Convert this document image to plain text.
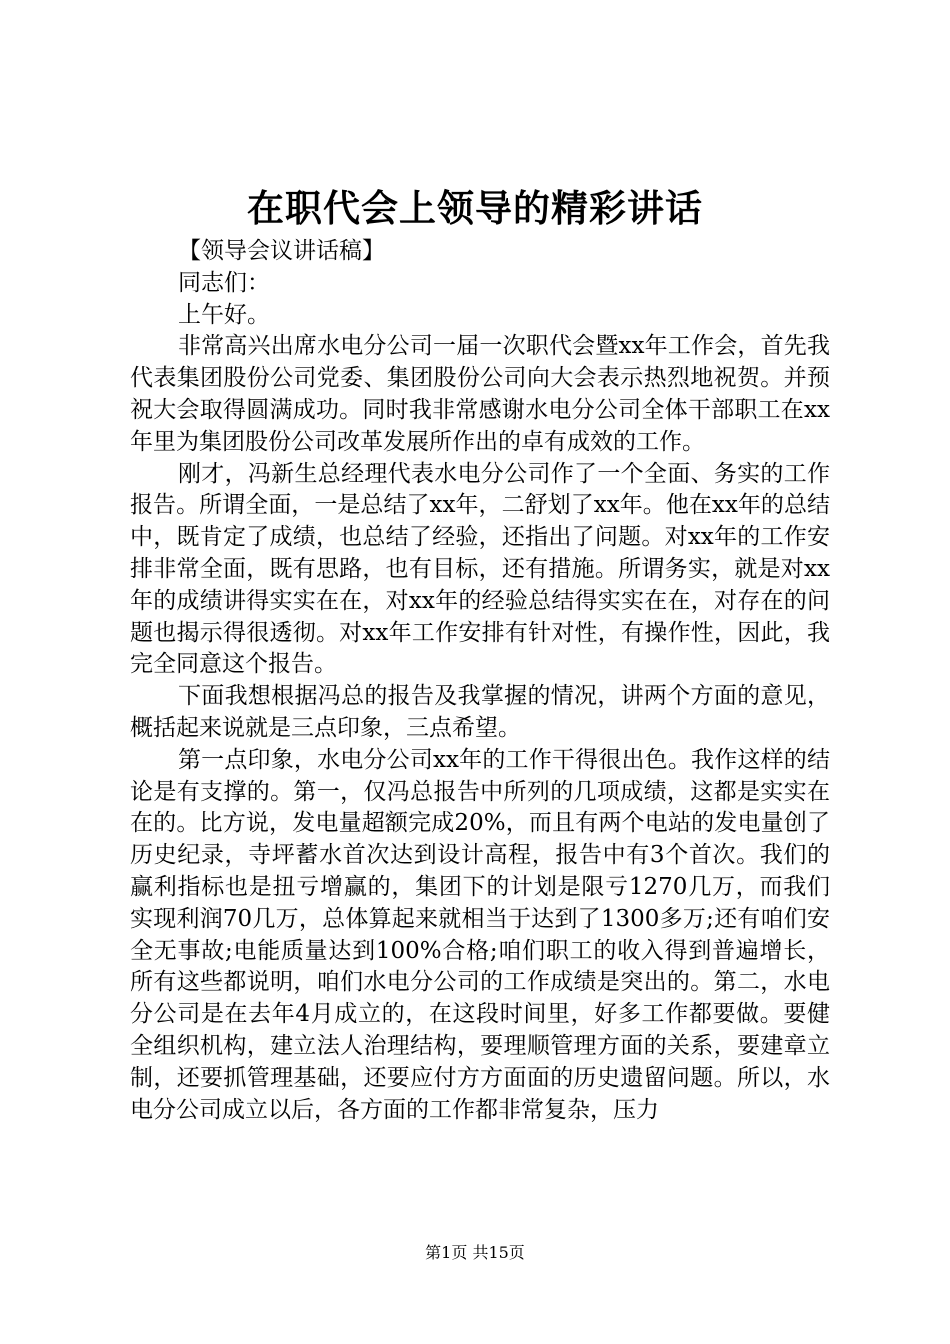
在职代会上领导的精彩讲话

【领导会议讲话稿】

同志们：

上午好。

非常高兴出席水电分公司一届一次职代会暨xx年工作会，首先我代表集团股份公司党委、集团股份公司向大会表示热烈地祝贺。并预祝大会取得圆满成功。同时我非常感谢水电分公司全体干部职工在xx年里为集团股份公司改革发展所作出的卓有成效的工作。

刚才，冯新生总经理代表水电分公司作了一个全面、务实的工作报告。所谓全面，一是总结了xx年，二舒划了xx年。他在xx年的总结中，既肯定了成绩，也总结了经验，还指出了问题。对xx年的工作安排非常全面，既有思路，也有目标，还有措施。所谓务实，就是对xx年的成绩讲得实实在在，对xx年的经验总结得实实在在，对存在的问题也揭示得很透彻。对xx年工作安排有针对性，有操作性，因此，我完全同意这个报告。

下面我想根据冯总的报告及我掌握的情况，讲两个方面的意见，概括起来说就是三点印象，三点希望。

第一点印象，水电分公司xx年的工作干得很出色。我作这样的结论是有支撑的。第一，仅冯总报告中所列的几项成绩，这都是实实在在的。比方说，发电量超额完成20%，而且有两个电站的发电量创了历史纪录，寺坪蓄水首次达到设计高程，报告中有3个首次。我们的赢利指标也是扭亏增赢的，集团下的计划是限亏1270几万，而我们实现利润70几万，总体算起来就相当于达到了1300多万;还有咱们安全无事故;电能质量达到100%合格;咱们职工的收入得到普遍增长，所有这些都说明，咱们水电分公司的工作成绩是突出的。第二，水电分公司是在去年4月成立的，在这段时间里，好多工作都要做。要健全组织机构，建立法人治理结构，要理顺管理方面的关系，要建章立制，还要抓管理基础，还要应付方方面面的历史遗留问题。所以，水电分公司成立以后，各方面的工作都非常复杂，压力

第1页 共15页
